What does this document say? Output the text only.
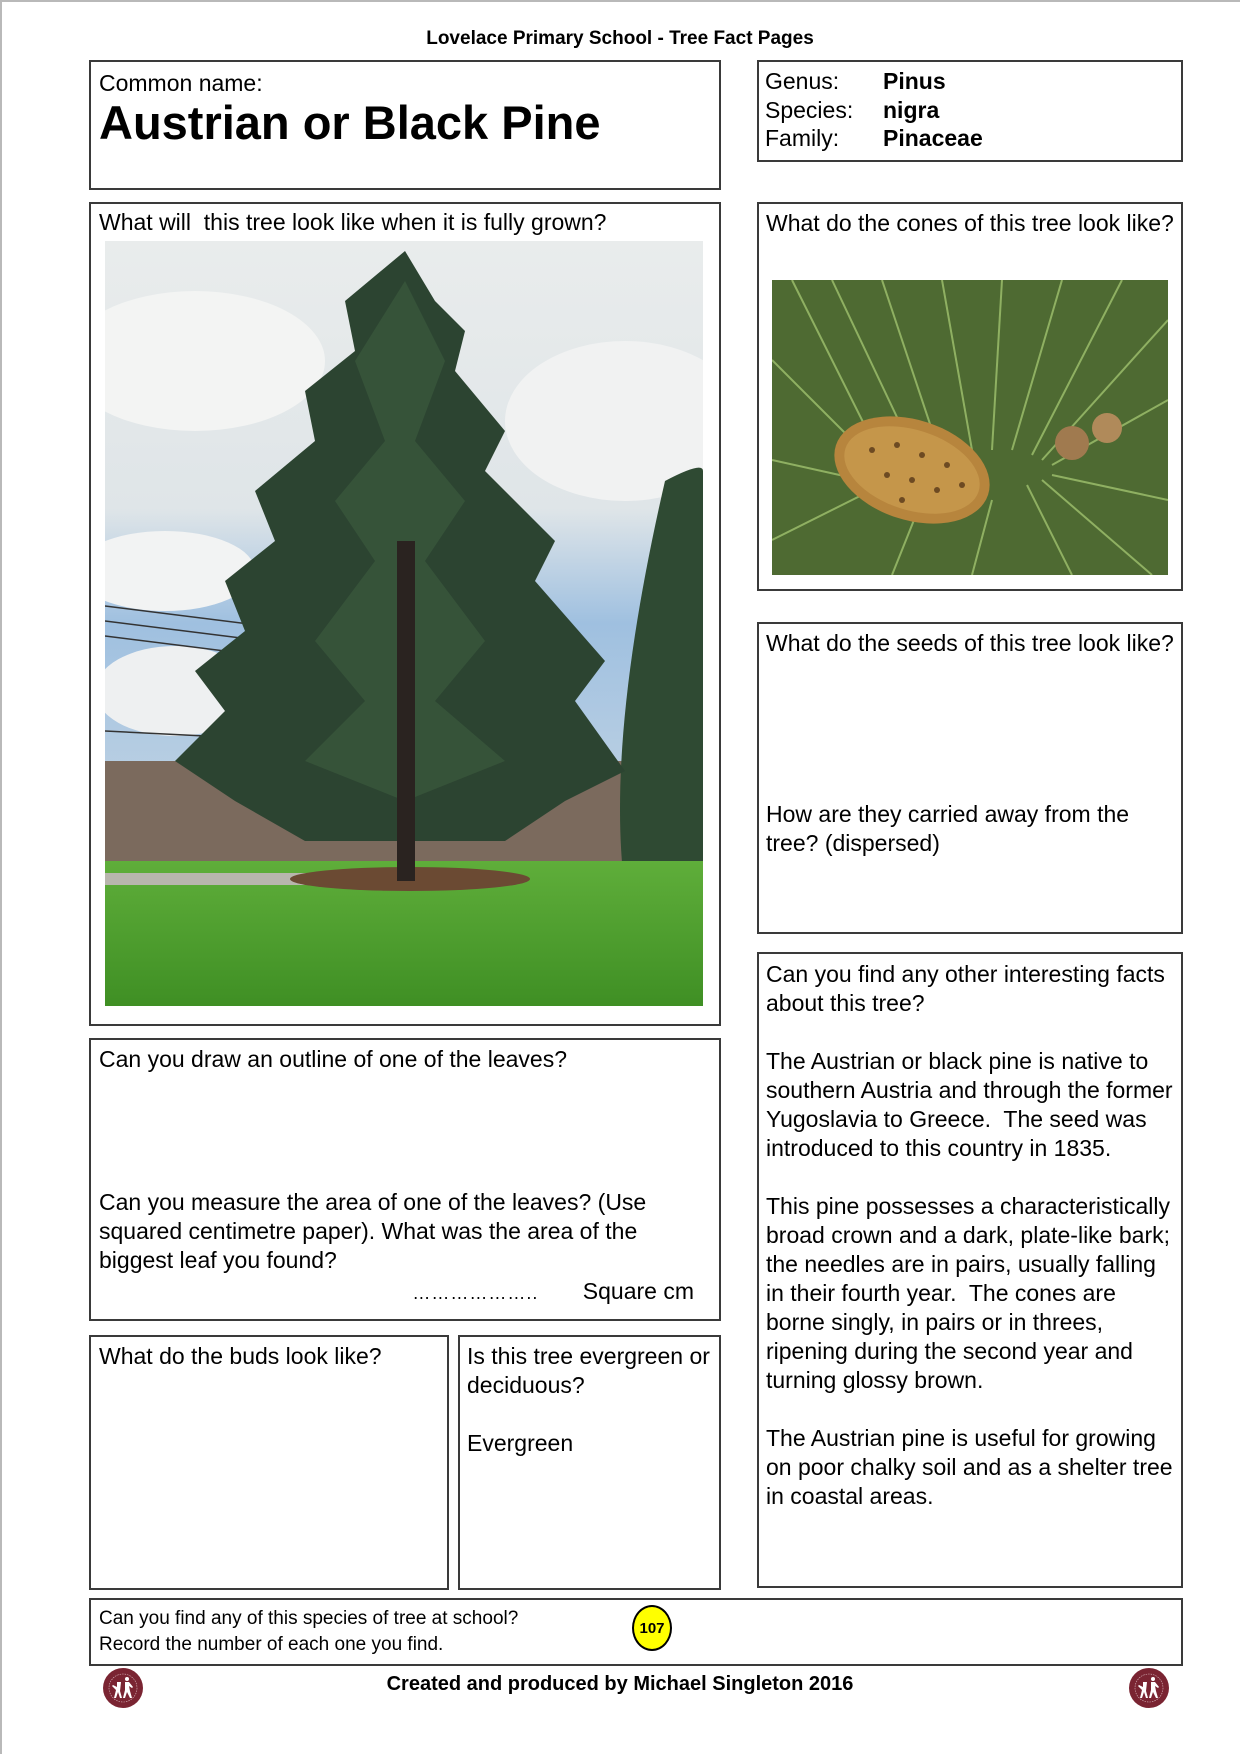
Lovelace Primary School - Tree Fact Pages
Common name:
Austrian or Black Pine
Genus:	Pinus
Species:	nigra
Family:	Pinaceae

What will  this tree look like when it is fully grown?	What do the cones of this tree look like?

What do the seeds of this tree look like?

How are they carried away from the tree? (dispersed)

Can you find any other interesting facts about this tree?

The Austrian or black pine is native to southern Austria and through the former Yugoslavia to Greece.  The seed was introduced to this country in 1835.

This pine possesses a characteristically broad crown and a dark, plate-like bark; the needles are in pairs, usually falling in their fourth year.  The cones are borne singly, in pairs or in threes, ripening during the second year and turning glossy brown.

The Austrian pine is useful for growing on poor chalky soil and as a shelter tree in coastal areas.

Can you draw an outline of one of the leaves?

Can you measure the area of one of the leaves? (Use squared centimetre paper). What was the area of the biggest leaf you found?

……………….. Square cm

What do the buds look like?	Is this tree evergreen or deciduous?

Evergreen

Can you find any of this species of tree at school?
Record the number of each one you find.
107
Created and produced by Michael Singleton 2016
